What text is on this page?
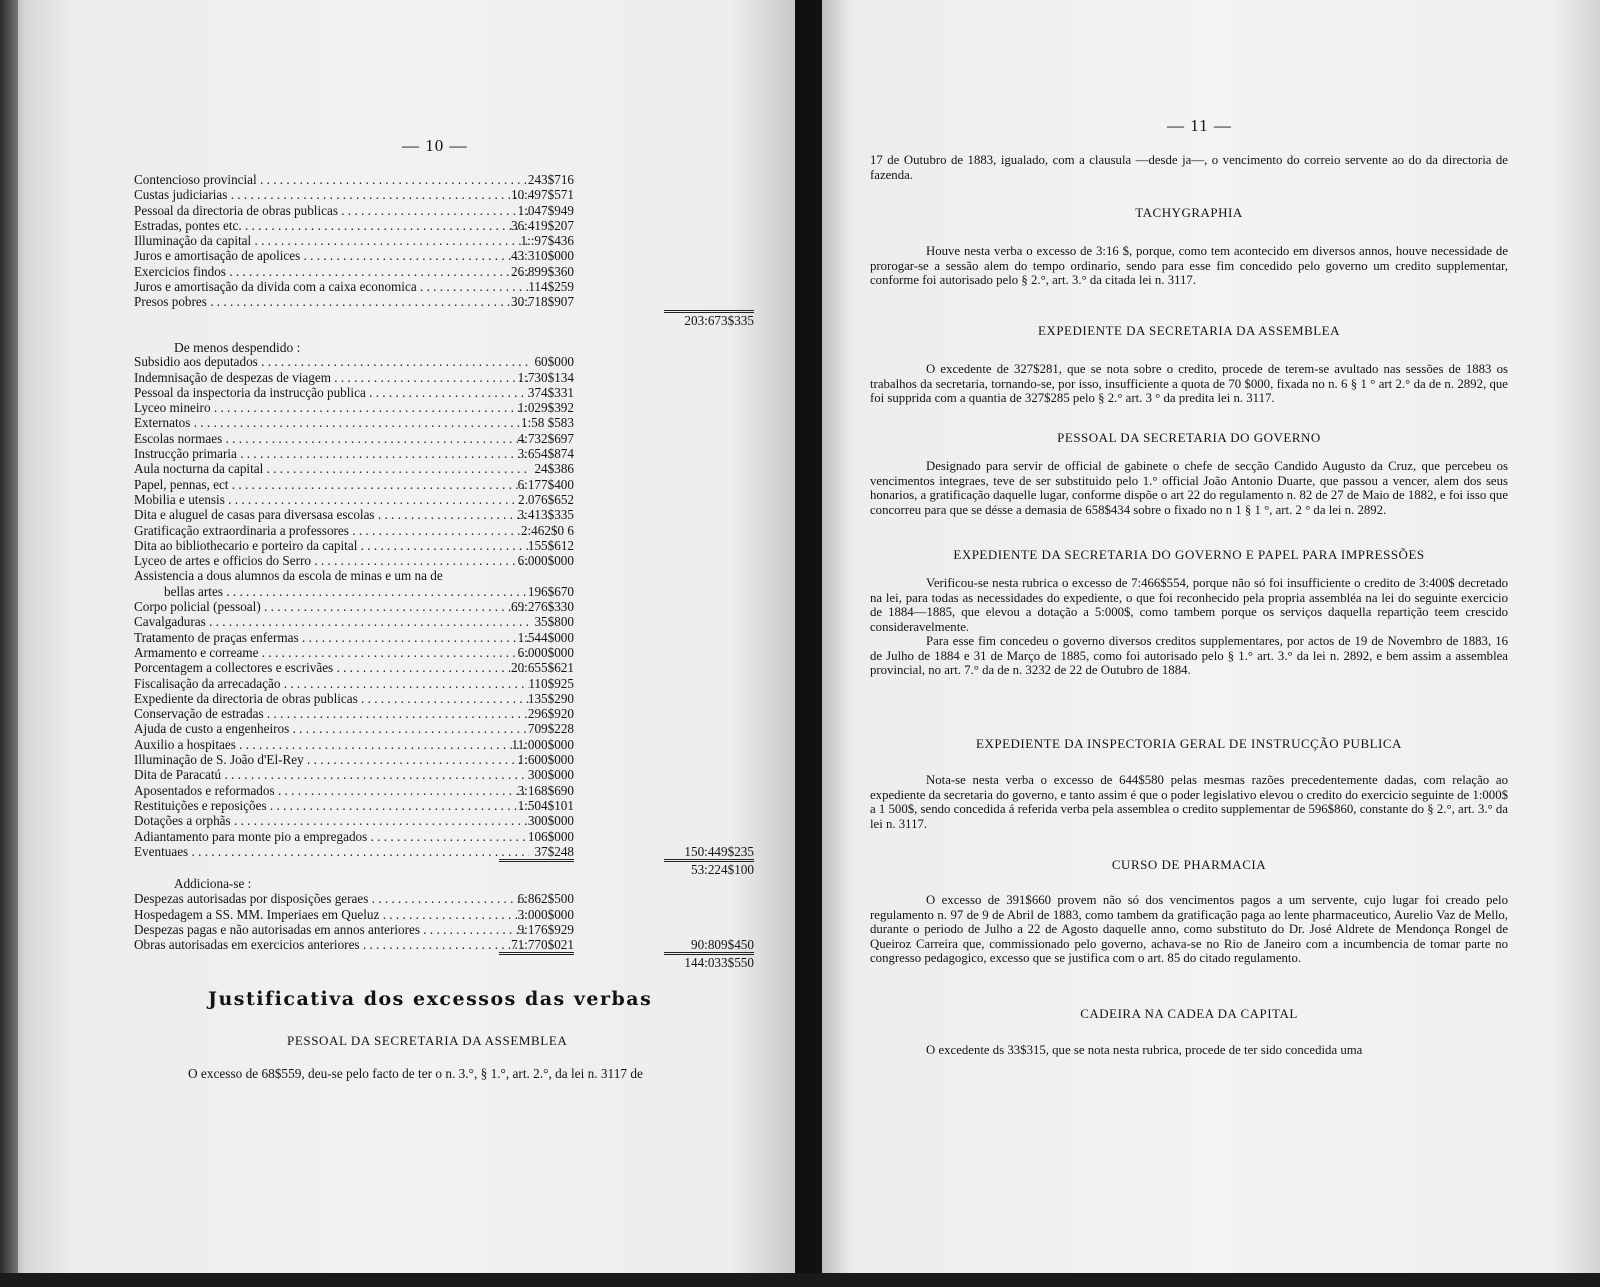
— 10 —
Contencioso provincial . . .	243$716
Custas judiciarias . . .	10:497$571
Pessoal da directoria de obras publicas . . .	1:047$949
Estradas, pontes etc. . . .	36:419$207
Illuminação da capital . . .	1::97$436
Juros e amortisação de apolices . . .	43:310$000
Exercicios findos . . .	26:899$360
Juros e amortisação da divida com a caixa economica . . .	114$259
Presos pobres . . .	30:718$907
203:673$335
De menos despendido :
Subsidio aos deputados . . .	60$000
Indemnisação de despezas de viagem . . .	1:730$134
Pessoal da inspectoria da instrucção publica . . .	374$331
Lyceo mineiro . . .	1:029$392
Externatos . . .	1:58 $583
Escolas normaes . . .	4:732$697
Instrucção primaria . . .	3:654$874
Aula nocturna da capital . . .	24$386
Papel, pennas, ect . . .	6:177$400
Mobilia e utensis . . .	2 076$652
Dita e aluguel de casas para diversasa escolas . . .	3:413$335
Gratificação extraordinaria a professores . . .	2:462$0 6
Dita ao bibliothecario e porteiro da capital . . .	155$612
Lyceo de artes e officios do Serro . . .	6:000$000
Assistencia a dous alumnos da escola de minas e um na de
bellas artes . . .	196$670
Corpo policial (pessoal) . . .	69:276$330
Cavalgaduras . . .	35$800
Tratamento de praças enfermas . . .	1:544$000
Armamento e correame . . .	6:000$000
Porcentagem a collectores e escrivães . . .	20:655$621
Fiscalisação da arrecadação . . .	110$925
Expediente da directoria de obras publicas . . .	135$290
Conservação de estradas . . .	296$920
Ajuda de custo a engenheiros . . .	709$228
Auxilio a hospitaes . . .	11:000$000
Illuminação de S. João d'El-Rey . . .	1:600$000
Dita de Paracatú . . .	300$000
Aposentados e reformados . . .	3:168$690
Restituições e reposições . . .	1:504$101
Dotações a orphãs . . .	300$000
Adiantamento para monte pio a empregados . . .	106$000
Eventuaes . . .	37$248	150:449$235
53:224$100
Addiciona-se :
Despezas autorisadas por disposições geraes . . .	6:862$500
Hospedagem a SS. MM. Imperiaes em Queluz . . .	3:000$000
Despezas pagas e não autorisadas em annos anteriores . . .	9:176$929
Obras autorisadas em exercicios anteriores . . .	71:770$021	90:809$450
144:033$550
Justificativa dos excessos das verbas
PESSOAL DA SECRETARIA DA ASSEMBLEA
O excesso de 68$559, deu-se pelo facto de ter o n. 3.°, § 1.°, art. 2.°, da lei n. 3117 de
— 11 —

17 de Outubro de 1883, igualado, com a clausula —desde ja—, o vencimento do correio servente ao do da directoria de fazenda.

TACHYGRAPHIA

Houve nesta verba o excesso de 3:16 $, porque, como tem acontecido em diversos annos, houve necessidade de prorogar-se a sessão alem do tempo ordinario, sendo para esse fim concedido pelo governo um credito supplementar, conforme foi autorisado pelo § 2.°, art. 3.° da citada lei n. 3117.

EXPEDIENTE DA SECRETARIA DA ASSEMBLEA

O excedente de 327$281, que se nota sobre o credito, procede de terem-se avultado nas sessões de 1883 os trabalhos da secretaria, tornando-se, por isso, insufficiente a quota de 70 $000, fixada no n. 6 § 1 ° art 2.° da de n. 2892, que foi supprida com a quantia de 327$285 pelo § 2.° art. 3 ° da predita lei n. 3117.

PESSOAL DA SECRETARIA DO GOVERNO

Designado para servir de official de gabinete o chefe de secção Candido Augusto da Cruz, que percebeu os vencimentos integraes, teve de ser substituido pelo 1.° official João Antonio Duarte, que passou a vencer, alem dos seus honarios, a gratificação daquelle lugar, conforme dispõe o art 22 do regulamento n. 82 de 27 de Maio de 1882, e foi isso que concorreu para que se désse a demasia de 658$434 sobre o fixado no n 1 § 1 °, art. 2 ° da lei n. 2892.

EXPEDIENTE DA SECRETARIA DO GOVERNO E PAPEL PARA IMPRESSÕES

Verificou-se nesta rubrica o excesso de 7:466$554, porque não só foi insufficiente o credito de 3:400$ decretado na lei, para todas as necessidades do expediente, o que foi reconhecido pela propria assembléa na lei do seguinte exercicio de 1884—1885, que elevou a dotação a 5:000$, como tambem porque os serviços daquella repartição teem crescido consideravelmente.

Para esse fim concedeu o governo diversos creditos supplementares, por actos de 19 de Novembro de 1883, 16 de Julho de 1884 e 31 de Março de 1885, como foi autorisado pelo § 1.° art. 3.° da lei n. 2892, e bem assim a assemblea provincial, no art. 7.° da de n. 3232 de 22 de Outubro de 1884.

EXPEDIENTE DA INSPECTORIA GERAL DE INSTRUCÇÃO PUBLICA

Nota-se nesta verba o excesso de 644$580 pelas mesmas razões precedentemente dadas, com relação ao expediente da secretaria do governo, e tanto assim é que o poder legislativo elevou o credito do exercicio seguinte de 1:000$ a 1 500$, sendo concedida á referida verba pela assemblea o credito supplementar de 596$860, constante do § 2.°, art. 3.° da lei n. 3117.

CURSO DE PHARMACIA

O excesso de 391$660 provem não só dos vencimentos pagos a um servente, cujo lugar foi creado pelo regulamento n. 97 de 9 de Abril de 1883, como tambem da gratificação paga ao lente pharmaceutico, Aurelio Vaz de Mello, durante o periodo de Julho a 22 de Agosto daquelle anno, como substituto do Dr. José Aldrete de Mendonça Rongel de Queiroz Carreira que, commissionado pelo governo, achava-se no Rio de Janeiro com a incumbencia de tomar parte no congresso pedagogico, excesso que se justifica com o art. 85 do citado regulamento.

CADEIRA NA CADEA DA CAPITAL

O excedente ds 33$315, que se nota nesta rubrica, procede de ter sido concedida uma
